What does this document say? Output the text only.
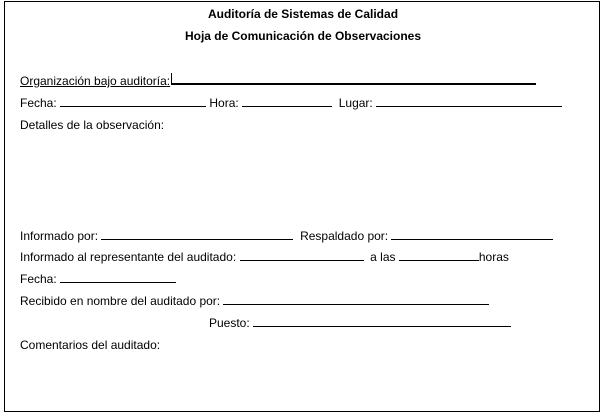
Auditoría de Sistemas de Calidad
Hoja de Comunicación de Observaciones
Organización bajo auditoría:
Fecha:	Hora:	Lugar:
Detalles de la observación:
Informado por:	Respaldado por:
Informado al representante del auditado:	a las	horas
Fecha:
Recibido en nombre del auditado por:
Puesto:
Comentarios del auditado:
